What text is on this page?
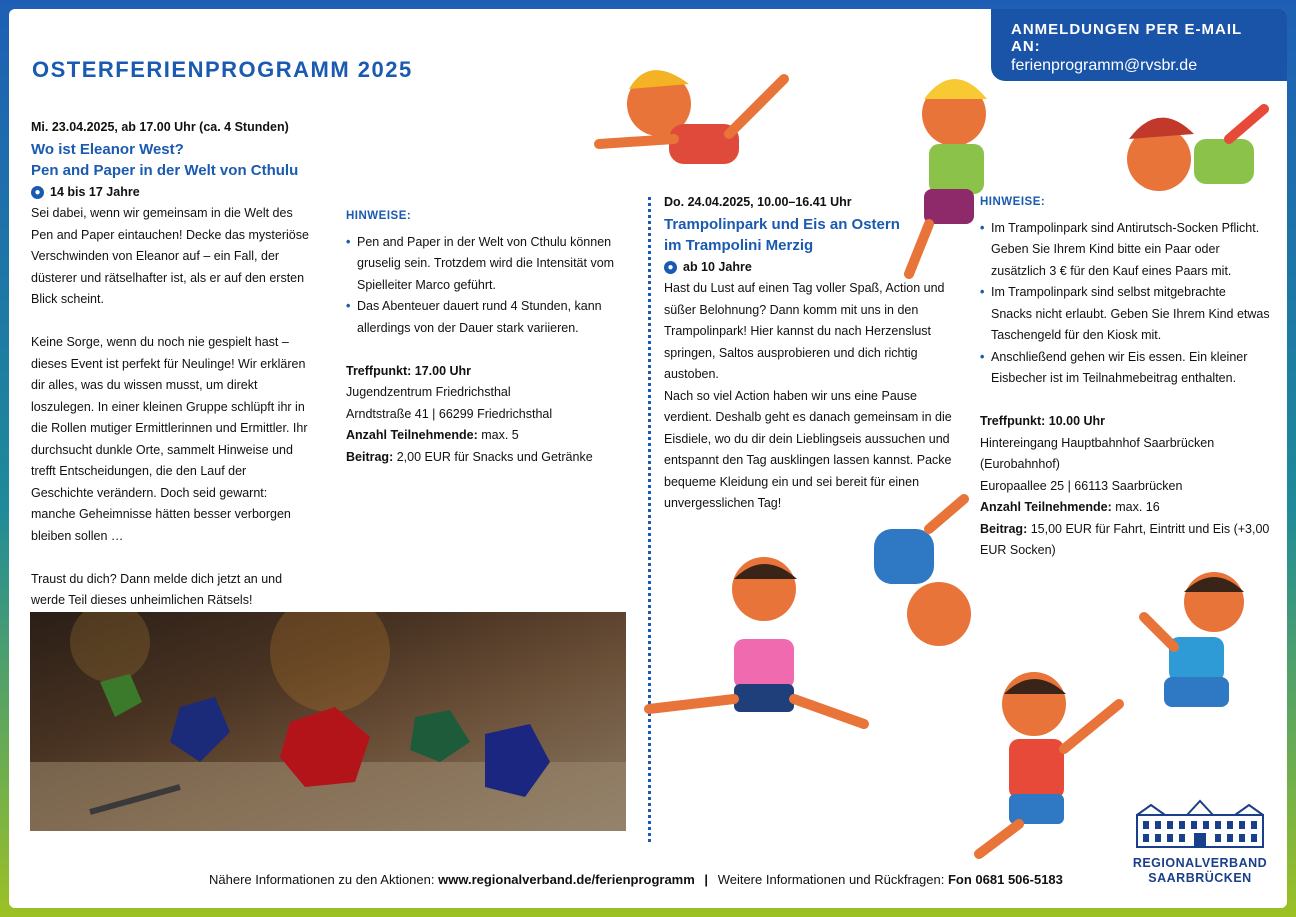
ANMELDUNGEN PER E-MAIL AN:
ferienprogramm@rvsbr.de
OSTERFERIENPROGRAMM 2025
Mi. 23.04.2025, ab 17.00 Uhr (ca. 4 Stunden)
Wo ist Eleanor West?
Pen and Paper in der Welt von Cthulu
● 14 bis 17 Jahre
Sei dabei, wenn wir gemeinsam in die Welt des Pen and Paper eintauchen! Decke das mysteriöse Verschwinden von Eleanor auf – ein Fall, der düsterer und rätselhafter ist, als er auf den ersten Blick scheint.
Keine Sorge, wenn du noch nie gespielt hast – dieses Event ist perfekt für Neulinge! Wir erklären dir alles, was du wissen musst, um direkt loszulegen. In einer kleinen Gruppe schlüpft ihr in die Rollen mutiger Ermittlerinnen und Ermittler. Ihr durchsucht dunkle Orte, sammelt Hinweise und trefft Entscheidungen, die den Lauf der Geschichte verändern. Doch seid gewarnt: manche Geheimnisse hätten besser verborgen bleiben sollen …
Traust du dich? Dann melde dich jetzt an und werde Teil dieses unheimlichen Rätsels!
HINWEISE:
• Pen and Paper in der Welt von Cthulu können gruselig sein. Trotzdem wird die Intensität vom Spielleiter Marco geführt.
• Das Abenteuer dauert rund 4 Stunden, kann allerdings von der Dauer stark variieren.
Treffpunkt: 17.00 Uhr
Jugendzentrum Friedrichsthal
Arndtstraße 41 | 66299 Friedrichsthal
Anzahl Teilnehmende: max. 5
Beitrag: 2,00 EUR für Snacks und Getränke
Do. 24.04.2025, 10.00–16.41 Uhr
Trampolinpark und Eis an Ostern
im Trampolini Merzig
● ab 10 Jahre
Hast du Lust auf einen Tag voller Spaß, Action und süßer Belohnung? Dann komm mit uns in den Trampolinpark! Hier kannst du nach Herzenslust springen, Saltos ausprobieren und dich richtig austoben.
Nach so viel Action haben wir uns eine Pause verdient. Deshalb geht es danach gemeinsam in die Eisdiele, wo du dir dein Lieblingseis aussuchen und entspannt den Tag ausklingen lassen kannst. Packe bequeme Kleidung ein und sei bereit für einen unvergesslichen Tag!
HINWEISE:
• Im Trampolinpark sind Antirutsch-Socken Pflicht. Geben Sie Ihrem Kind bitte ein Paar oder zusätzlich 3 € für den Kauf eines Paars mit.
• Im Trampolinpark sind selbst mitgebrachte Snacks nicht erlaubt. Geben Sie Ihrem Kind etwas Taschengeld für den Kiosk mit.
• Anschließend gehen wir Eis essen. Ein kleiner Eisbecher ist im Teilnahmebeitrag enthalten.
Treffpunkt: 10.00 Uhr
Hintereingang Hauptbahnhof Saarbrücken (Eurobahnhof)
Europaallee 25 | 66113 Saarbrücken
Anzahl Teilnehmende: max. 16
Beitrag: 15,00 EUR für Fahrt, Eintritt und Eis (+3,00 EUR Socken)
REGIONALVERBAND
SAARBRÜCKEN
Nähere Informationen zu den Aktionen: www.regionalverband.de/ferienprogramm | Weitere Informationen und Rückfragen: Fon 0681 506-5183
